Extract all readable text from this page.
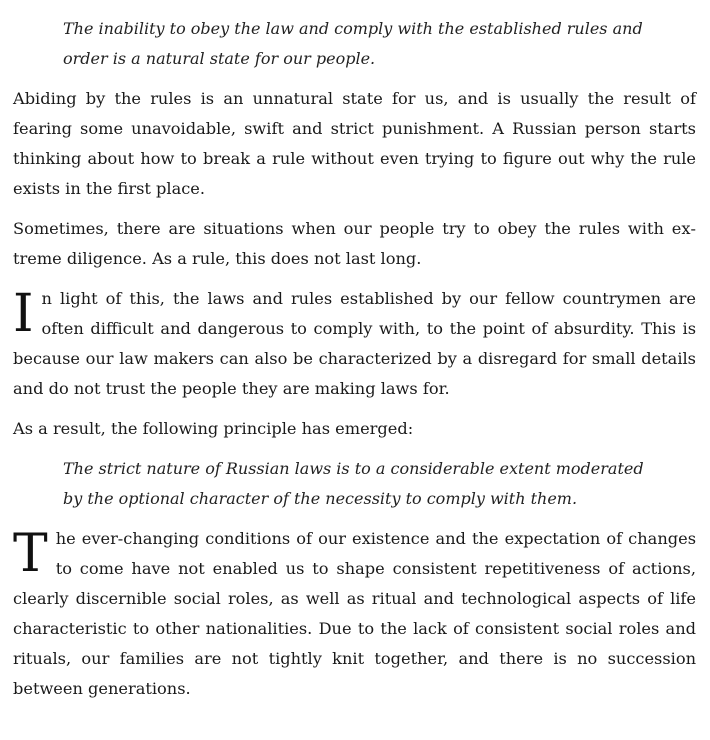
The inability to obey the law and comply with the established rules and order is a natural state for our people.

Abiding by the rules is an unnatural state for us, and is usually the result of fearing some unavoidable, swift and strict punishment. A Russian person starts thinking about how to break a rule without even trying to figure out why the rule exists in the first place.

Sometimes, there are situations when our people try to obey the rules with extreme diligence. As a rule, this does not last long.

In light of this, the laws and rules established by our fellow countrymen are often difficult and dangerous to comply with, to the point of absurdity. This is because our law makers can also be characterized by a disregard for small details and do not trust the people they are making laws for.

As a result, the following principle has emerged:

The strict nature of Russian laws is to a considerable extent moderated by the optional character of the necessity to comply with them.

The ever-changing conditions of our existence and the expectation of changes to come have not enabled us to shape consistent repetitiveness of actions, clearly discernible social roles, as well as ritual and technological aspects of life characteristic to other nationalities. Due to the lack of consistent social roles and rituals, our families are not tightly knit together, and there is no succession between generations.
